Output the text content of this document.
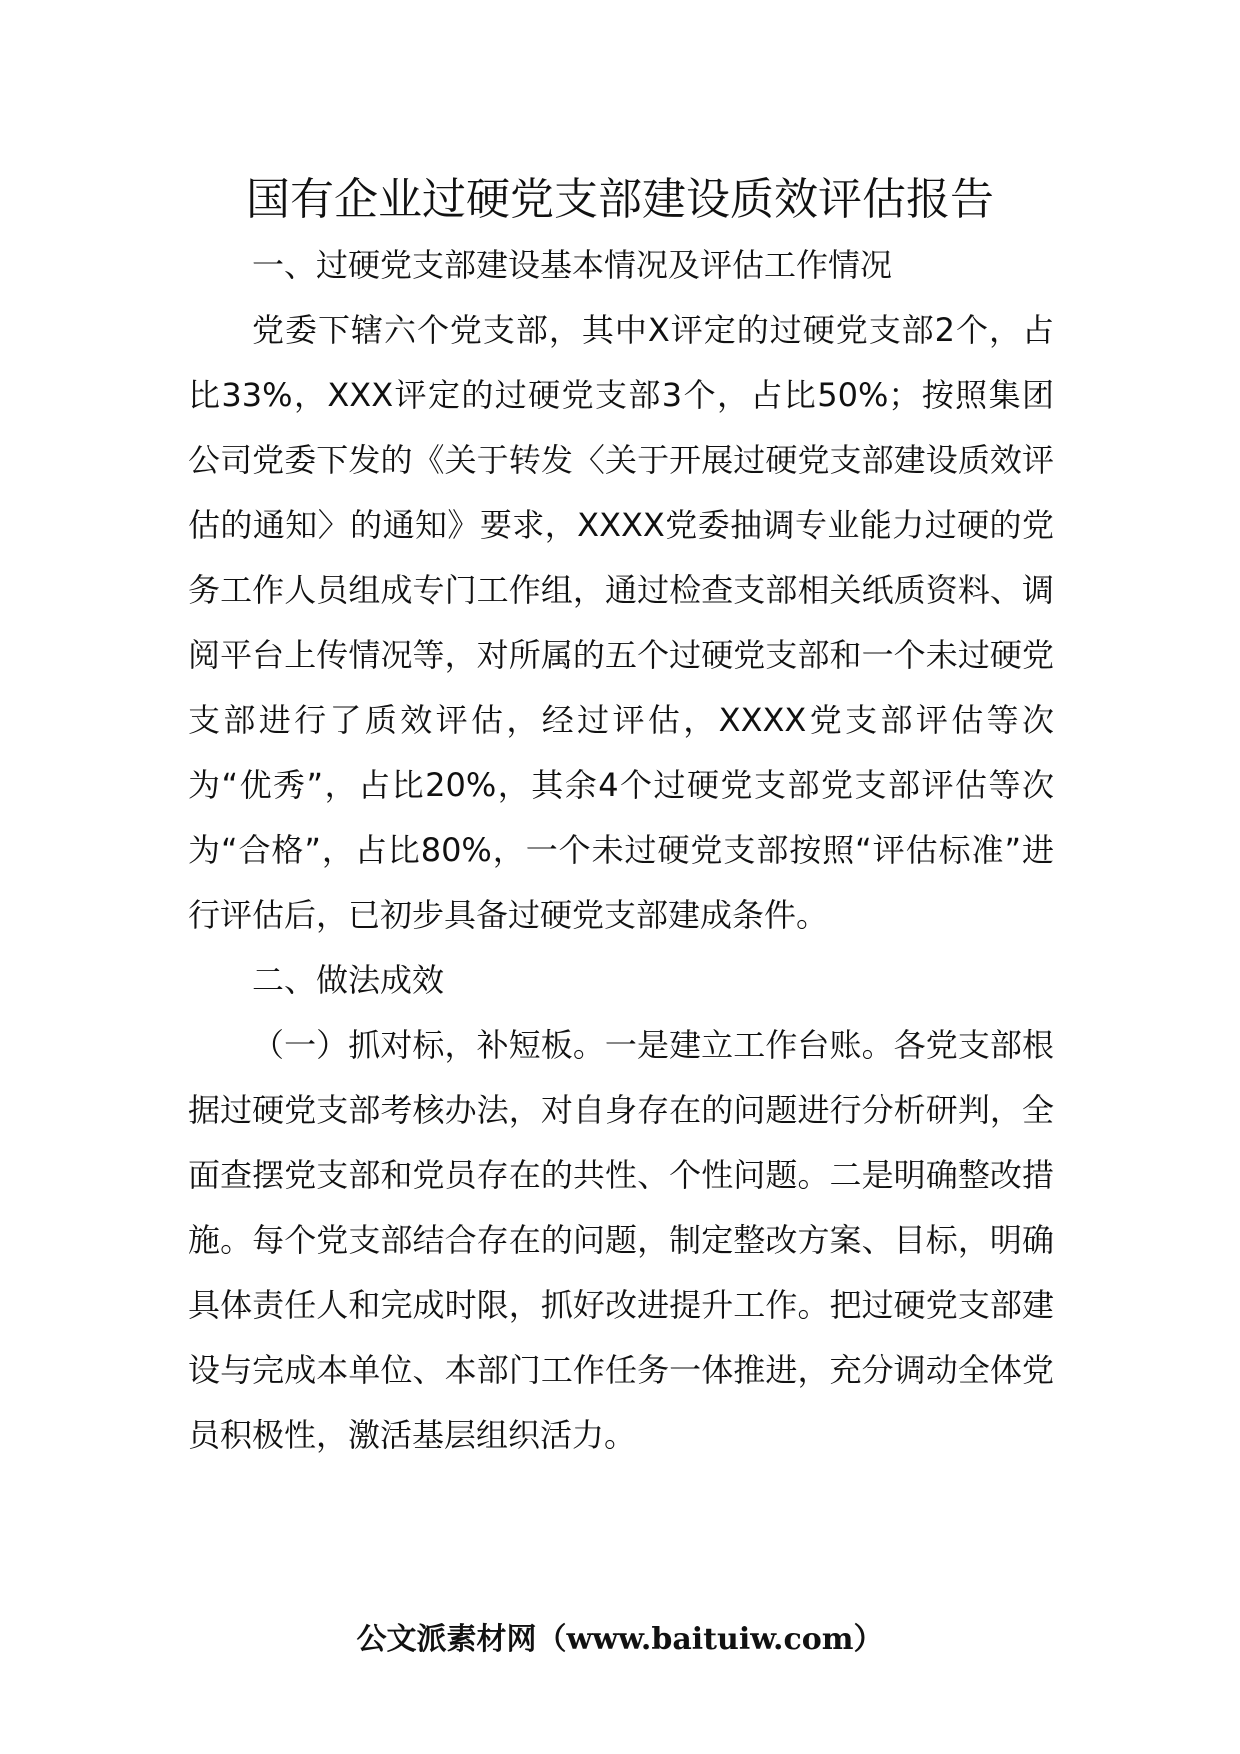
国有企业过硬党支部建设质效评估报告

一、过硬党支部建设基本情况及评估工作情况

党委下辖六个党支部，其中X评定的过硬党支部2个，占比33%，XXX评定的过硬党支部3个，占比50%；按照集团公司党委下发的《关于转发〈关于开展过硬党支部建设质效评估的通知〉的通知》要求，XXXX党委抽调专业能力过硬的党务工作人员组成专门工作组，通过检查支部相关纸质资料、调阅平台上传情况等，对所属的五个过硬党支部和一个未过硬党支部进行了质效评估，经过评估，XXXX党支部评估等次为“优秀”，占比20%，其余4个过硬党支部党支部评估等次为“合格”，占比80%，一个未过硬党支部按照“评估标准”进行评估后，已初步具备过硬党支部建成条件。

二、做法成效

（一）抓对标，补短板。一是建立工作台账。各党支部根据过硬党支部考核办法，对自身存在的问题进行分析研判，全面查摆党支部和党员存在的共性、个性问题。二是明确整改措施。每个党支部结合存在的问题，制定整改方案、目标，明确具体责任人和完成时限，抓好改进提升工作。把过硬党支部建设与完成本单位、本部门工作任务一体推进，充分调动全体党员积极性，激活基层组织活力。

公文派素材网（www.baituiw.com）
